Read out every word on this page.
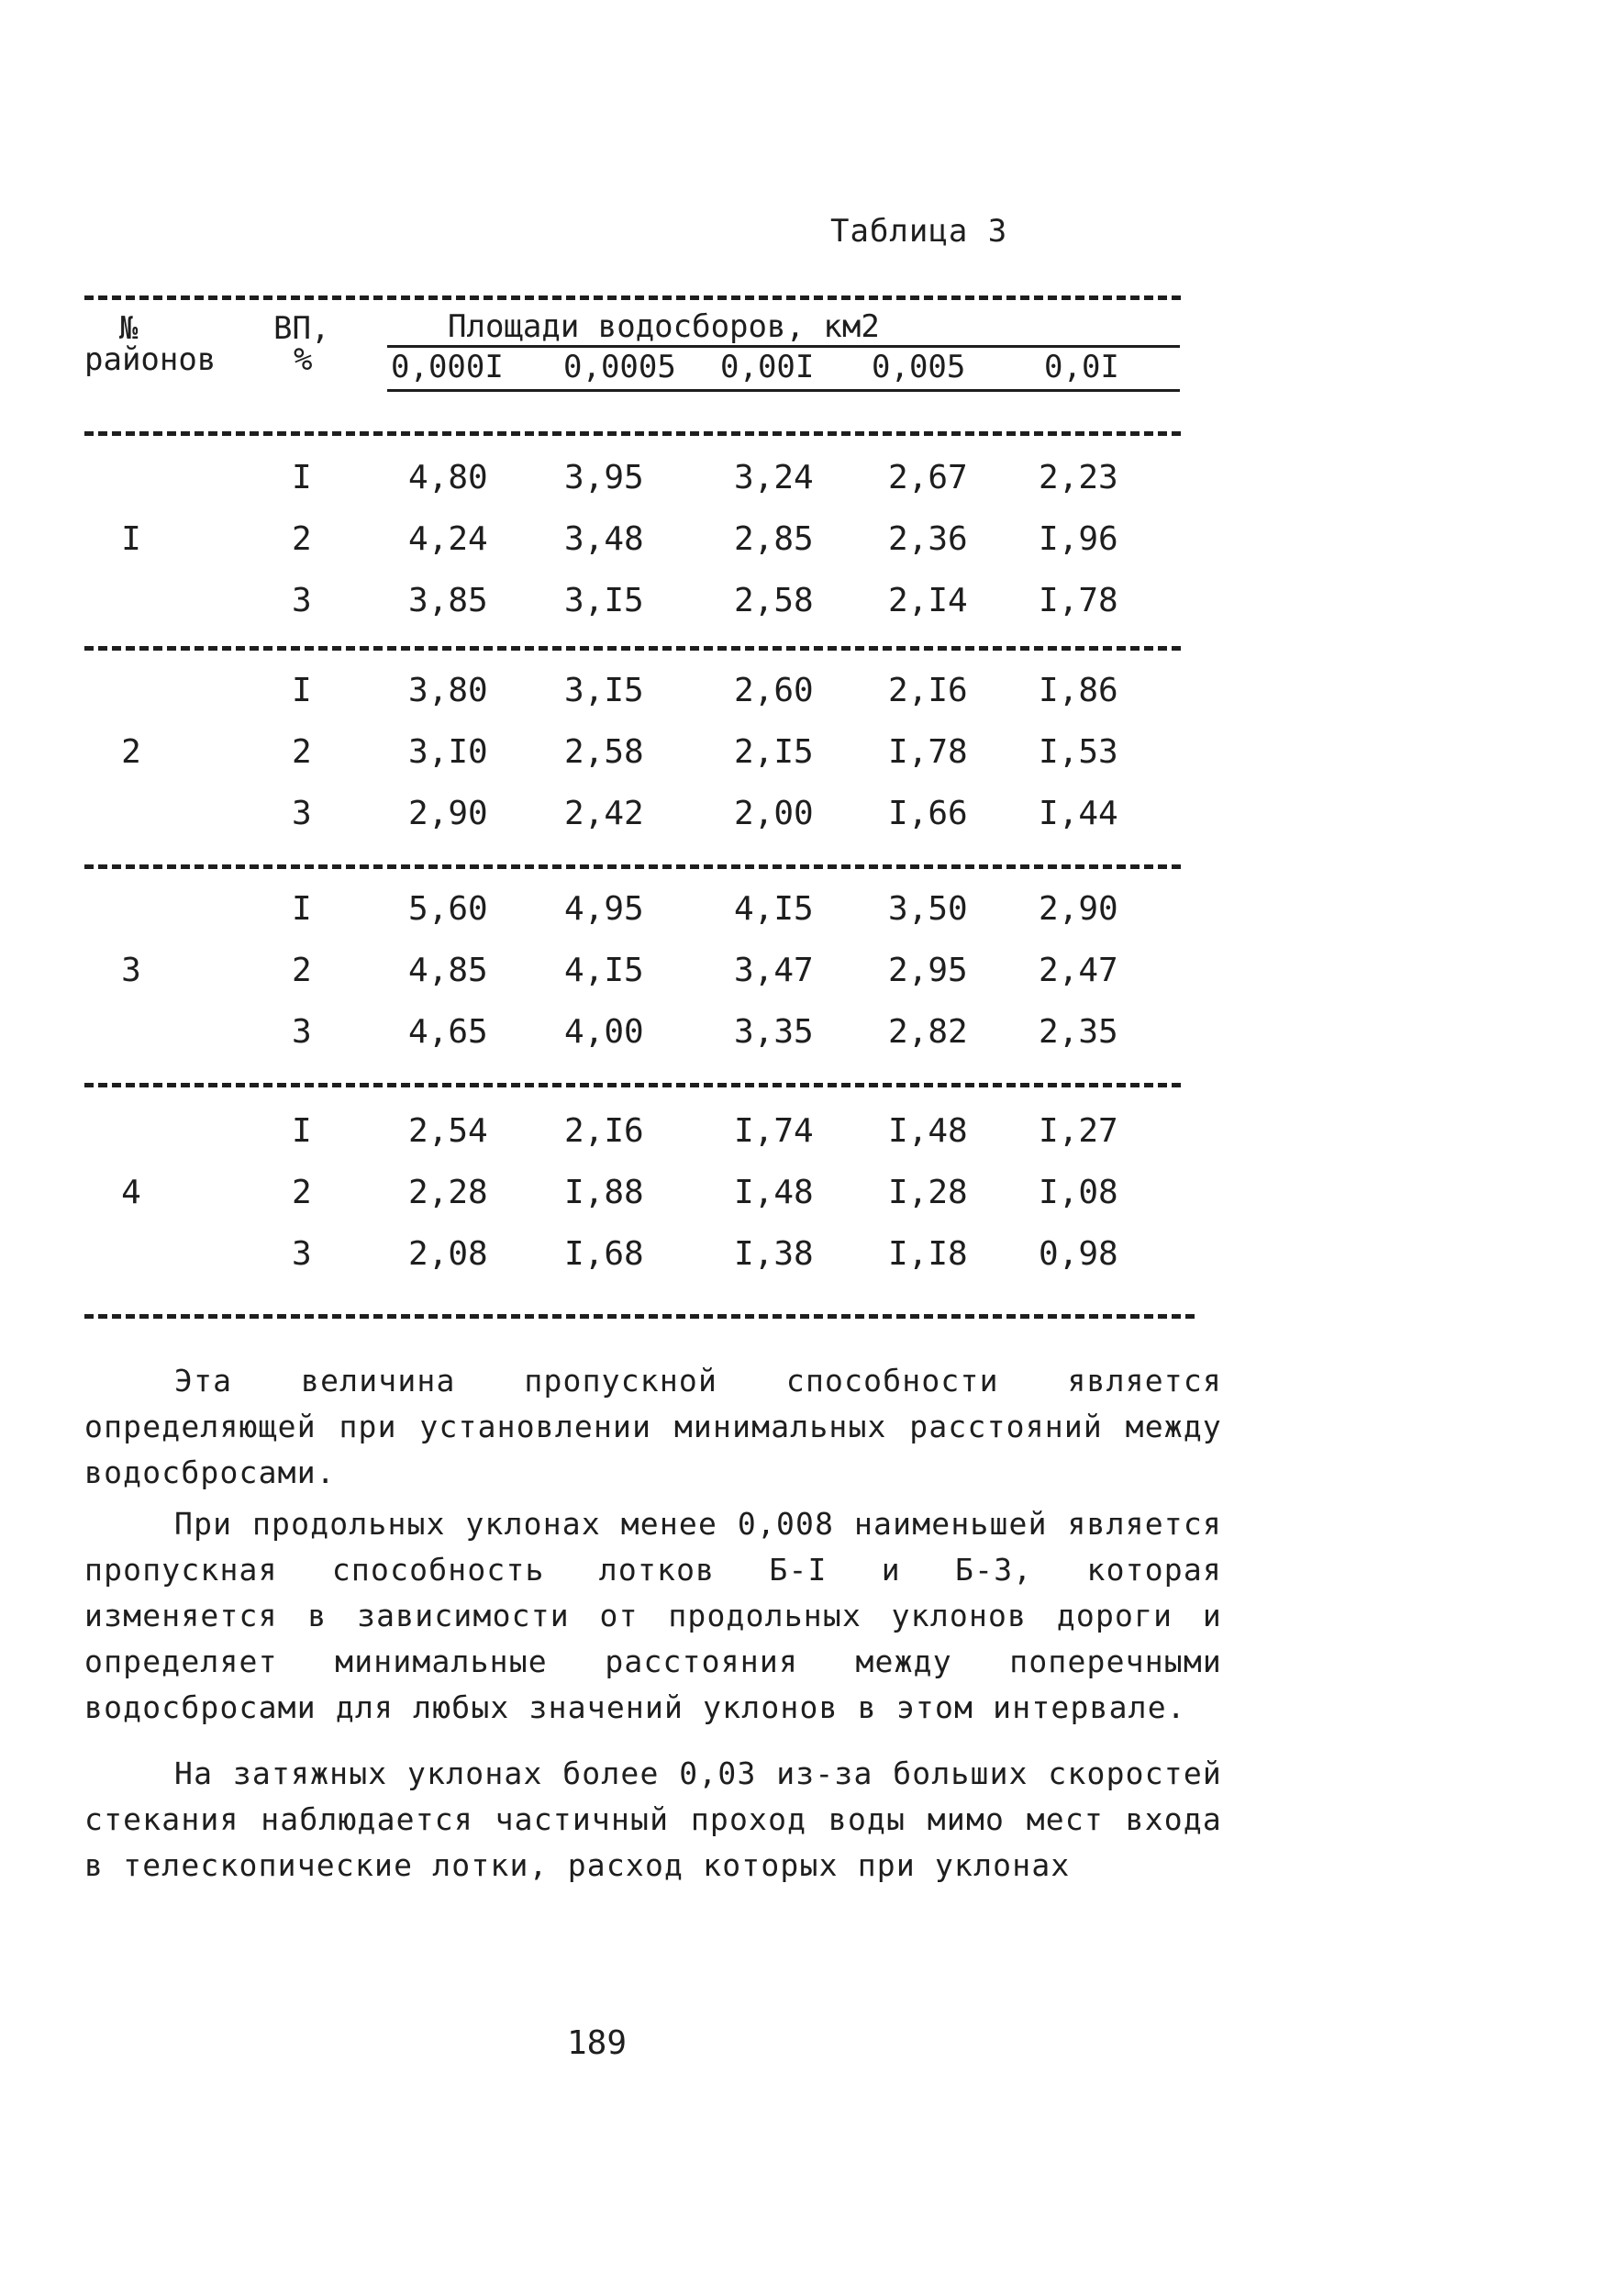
Таблица 3
№
районов
ВП,
%
Площади водосборов, км2
0,000I 0,0005 0,00I 0,005	0,0I
I
I	4,80 3,95	3,24 2,67 2,23
2	4,24 3,48	2,85 2,36 I,96
3	3,85 3,I5	2,58 2,I4 I,78
2
I	3,80 3,I5	2,60 2,I6 I,86
2	3,I0 2,58	2,I5 I,78 I,53
3	2,90 2,42	2,00 I,66 I,44
3
I	5,60 4,95	4,I5 3,50 2,90
2	4,85 4,I5	3,47 2,95 2,47
3	4,65 4,00	3,35 2,82 2,35
4
I	2,54 2,I6	I,74 I,48 I,27
2	2,28 I,88	I,48 I,28 I,08
3	2,08 I,68	I,38 I,I8 0,98

Эта величина пропускной способности является определяющей при установлении минимальных расстояний между водосбросами.

При продольных уклонах менее 0,008 наименьшей является пропускная способность лотков Б-I и Б-3, которая изменяется в зависимости от продольных уклонов дороги и определяет минимальные расстояния между поперечными водосбросами для любых значений уклонов в этом интервале.

На затяжных уклонах более 0,03 из-за больших скоростей стекания наблюдается частичный проход воды мимо мест входа в телескопические лотки, расход которых при уклонах

189
